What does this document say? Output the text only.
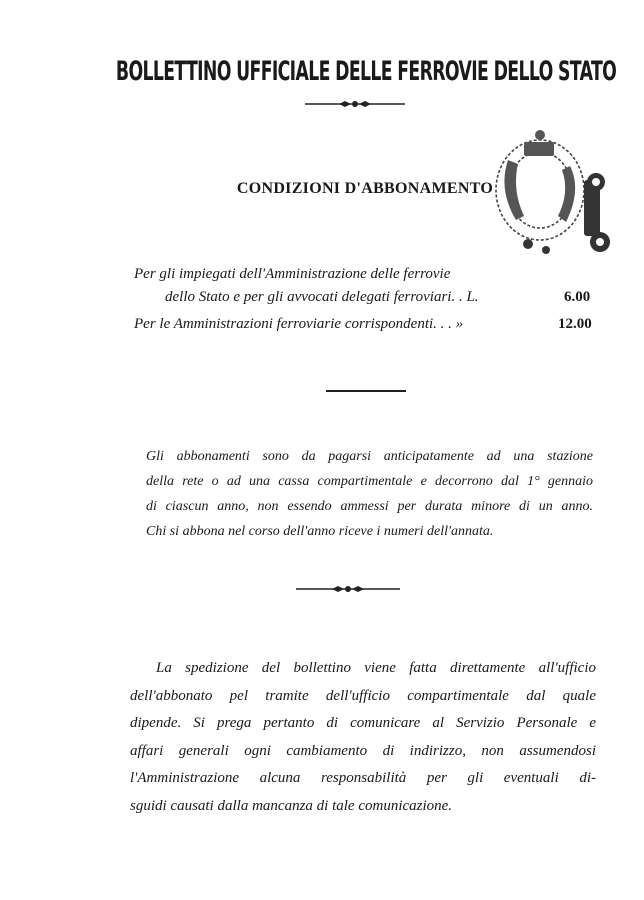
BOLLETTINO UFFICIALE DELLE FERROVIE DELLO STATO
CONDIZIONI D'ABBONAMENTO
Per gli impiegati dell'Amministrazione delle ferrovie
dello Stato e per gli avvocati delegati ferroviari. . L.	6.00
Per le Amministrazioni ferroviarie corrispondenti. . . »	12.00
Gli abbonamenti sono da pagarsi anticipatamente ad una stazione
della rete o ad una cassa compartimentale e decorrono dal 1° gennaio
di ciascun anno, non essendo ammessi per durata minore di un anno.
Chi si abbona nel corso dell'anno riceve i numeri dell'annata.
La spedizione del bollettino viene fatta direttamente all'ufficio
dell'abbonato pel tramite dell'ufficio compartimentale dal quale
dipende. Si prega pertanto di comunicare al Servizio Personale e
affari generali ogni cambiamento di indirizzo, non assumendosi
l'Amministrazione alcuna responsabilità per gli eventuali di-
sguidi causati dalla mancanza di tale comunicazione.
